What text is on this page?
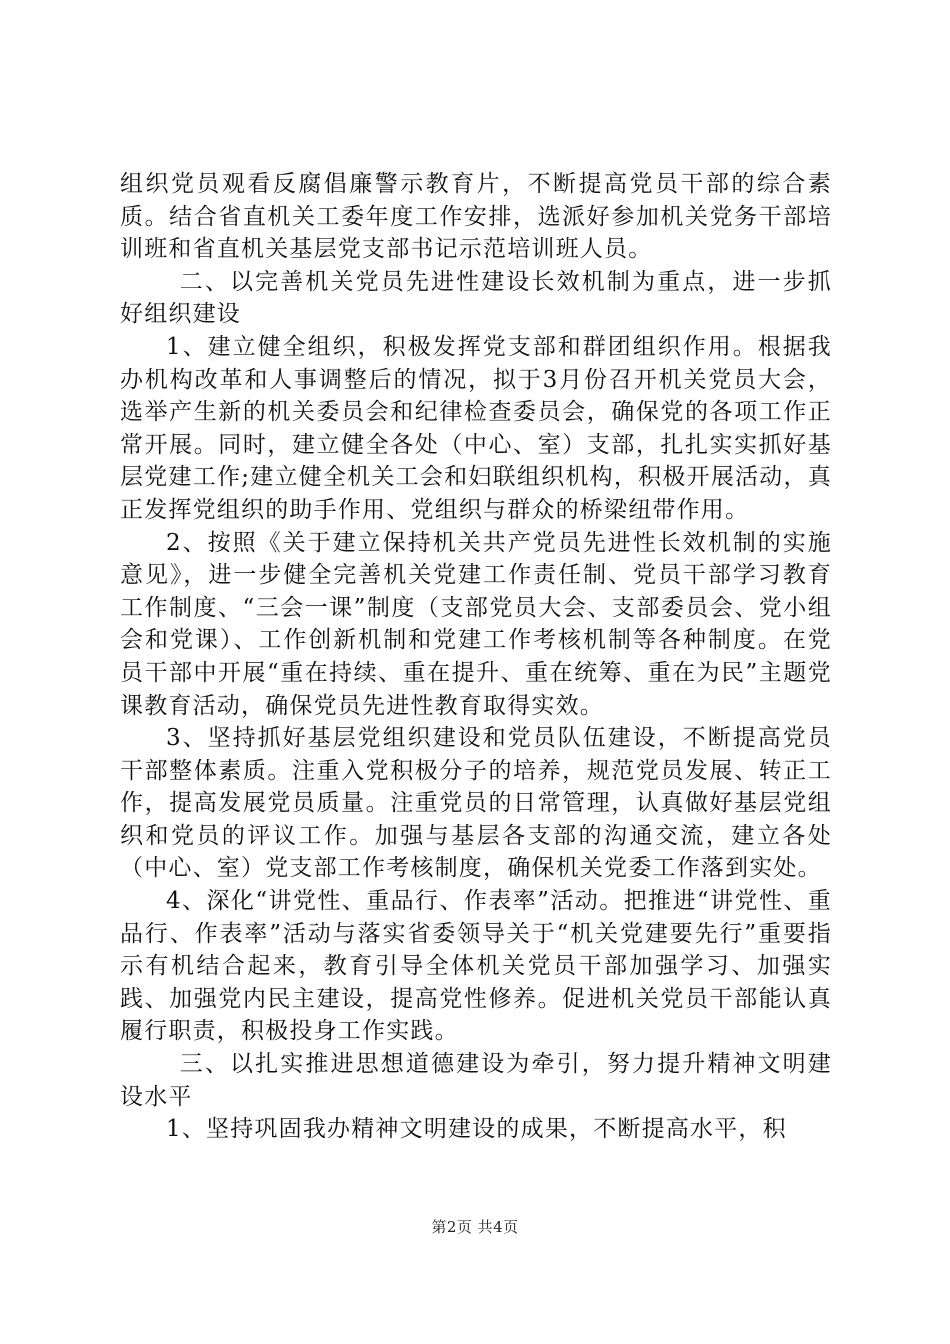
组织党员观看反腐倡廉警示教育片，不断提高党员干部的综合素质。结合省直机关工委年度工作安排，选派好参加机关党务干部培训班和省直机关基层党支部书记示范培训班人员。

二、以完善机关党员先进性建设长效机制为重点，进一步抓好组织建设

1、建立健全组织，积极发挥党支部和群团组织作用。根据我办机构改革和人事调整后的情况，拟于3月份召开机关党员大会，选举产生新的机关委员会和纪律检查委员会，确保党的各项工作正常开展。同时，建立健全各处（中心、室）支部，扎扎实实抓好基层党建工作;建立健全机关工会和妇联组织机构，积极开展活动，真正发挥党组织的助手作用、党组织与群众的桥梁纽带作用。

2、按照《关于建立保持机关共产党员先进性长效机制的实施意见》，进一步健全完善机关党建工作责任制、党员干部学习教育工作制度、“三会一课”制度（支部党员大会、支部委员会、党小组会和党课）、工作创新机制和党建工作考核机制等各种制度。在党员干部中开展“重在持续、重在提升、重在统筹、重在为民”主题党课教育活动，确保党员先进性教育取得实效。

3、坚持抓好基层党组织建设和党员队伍建设，不断提高党员干部整体素质。注重入党积极分子的培养，规范党员发展、转正工作，提高发展党员质量。注重党员的日常管理，认真做好基层党组织和党员的评议工作。加强与基层各支部的沟通交流，建立各处（中心、室）党支部工作考核制度，确保机关党委工作落到实处。

4、深化“讲党性、重品行、作表率”活动。把推进“讲党性、重品行、作表率”活动与落实省委领导关于“机关党建要先行”重要指示有机结合起来，教育引导全体机关党员干部加强学习、加强实践、加强党内民主建设，提高党性修养。促进机关党员干部能认真履行职责，积极投身工作实践。

三、以扎实推进思想道德建设为牵引，努力提升精神文明建设水平

1、坚持巩固我办精神文明建设的成果，不断提高水平，积

第2页 共4页
